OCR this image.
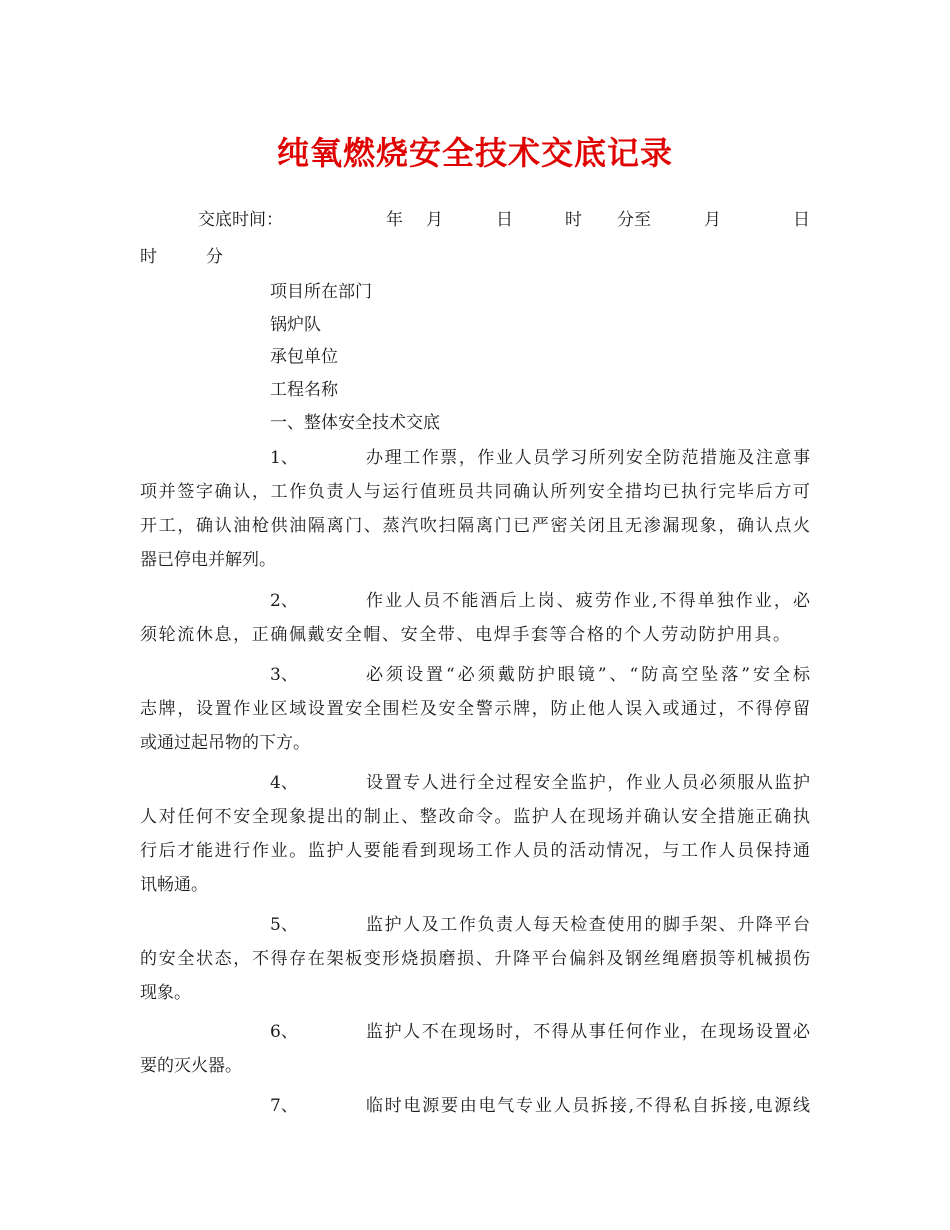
纯氧燃烧安全技术交底记录
交底时间：	年 月	日	时 分至	月	日
时	分
项目所在部门
锅炉队
承包单位
工程名称
一、整体安全技术交底
1、	办理工作票，作业人员学习所列安全防范措施及注意事
项并签字确认，工作负责人与运行值班员共同确认所列安全措均已执行完毕后方可
开工，确认油枪供油隔离门、蒸汽吹扫隔离门已严密关闭且无渗漏现象，确认点火
器已停电并解列。
2、	作业人员不能酒后上岗、疲劳作业,不得单独作业，必
须轮流休息，正确佩戴安全帽、安全带、电焊手套等合格的个人劳动防护用具。
3、	必须设置“必须戴防护眼镜”、“防高空坠落”安全标
志牌，设置作业区域设置安全围栏及安全警示牌，防止他人误入或通过，不得停留
或通过起吊物的下方。
4、	设置专人进行全过程安全监护，作业人员必须服从监护
人对任何不安全现象提出的制止、整改命令。监护人在现场并确认安全措施正确执
行后才能进行作业。监护人要能看到现场工作人员的活动情况，与工作人员保持通
讯畅通。
5、	监护人及工作负责人每天检查使用的脚手架、升降平台
的安全状态，不得存在架板变形烧损磨损、升降平台偏斜及钢丝绳磨损等机械损伤
现象。
6、	监护人不在现场时，不得从事任何作业，在现场设置必
要的灭火器。
7、	临时电源要由电气专业人员拆接,不得私自拆接,电源线
